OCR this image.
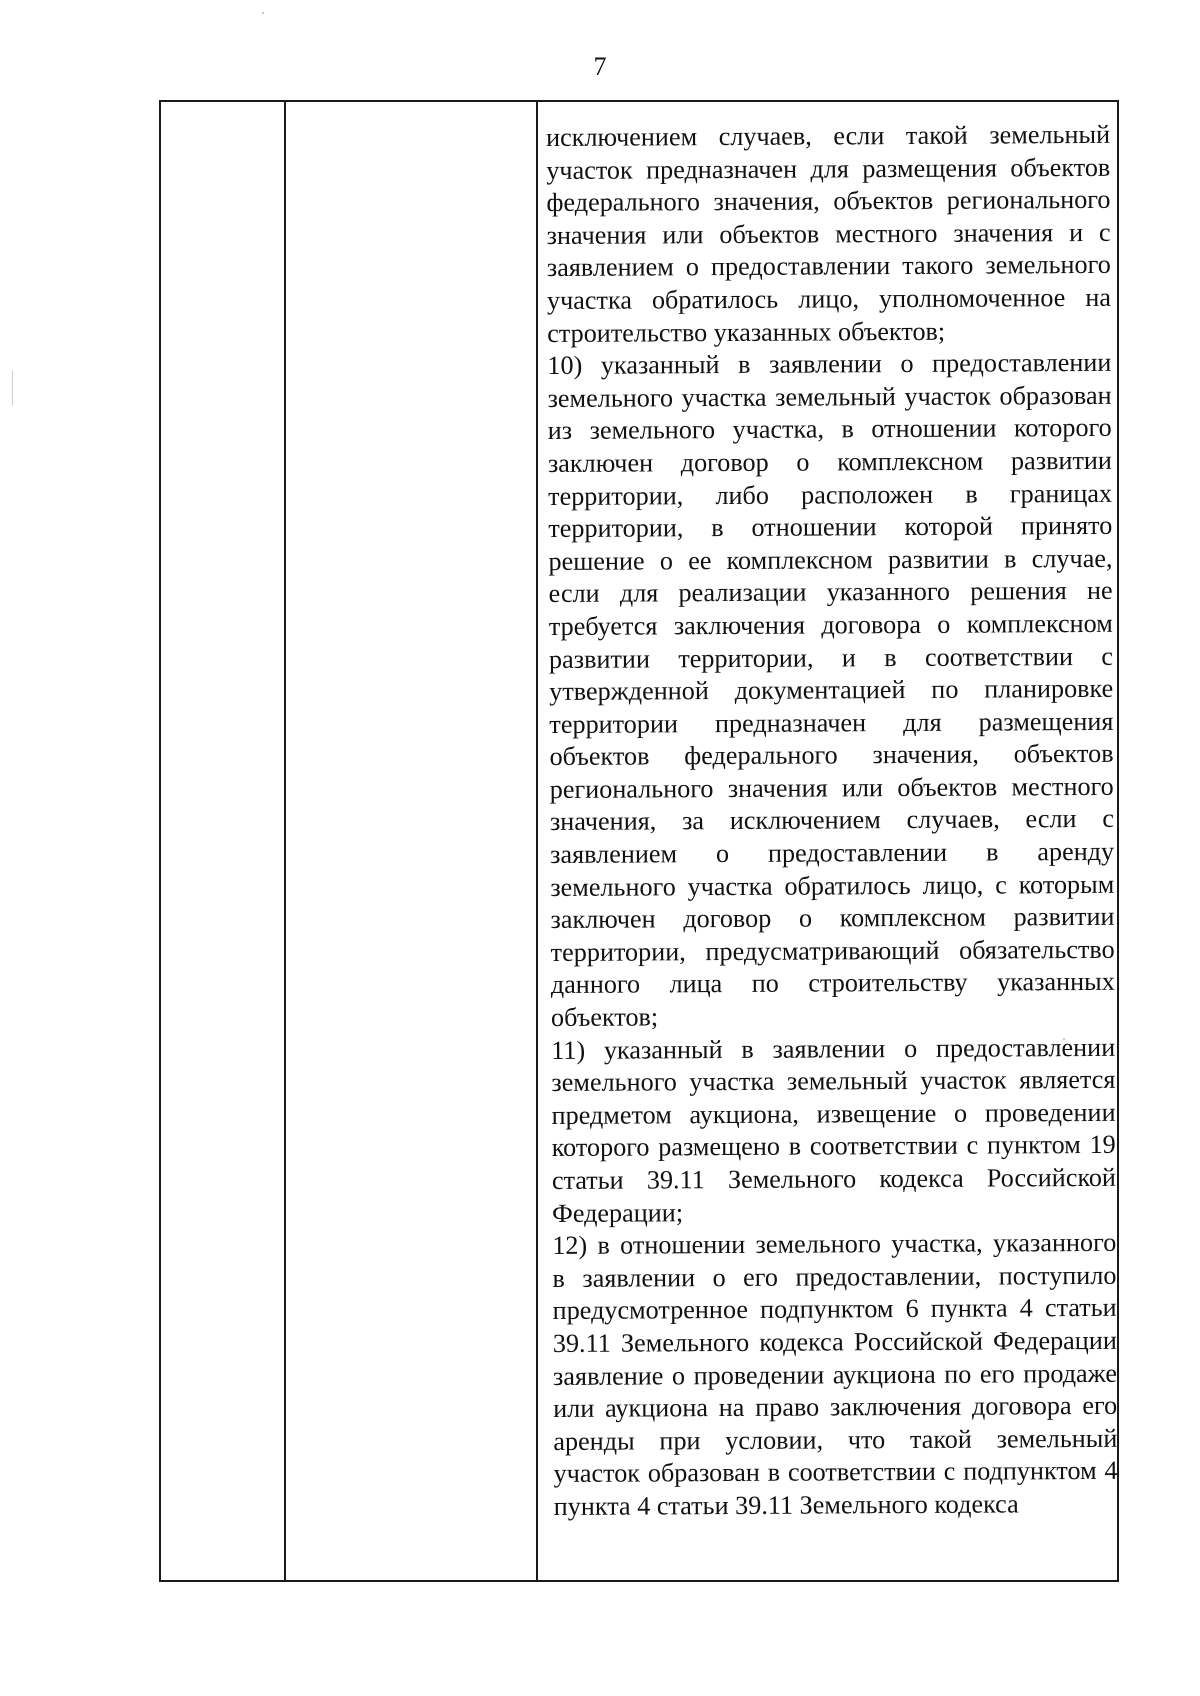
7

исключением случаев, если такой земельный участок предназначен для размещения объектов федерального значения, объектов регионального значения или объектов местного значения и с заявлением о предоставлении такого земельного участка обратилось лицо, уполномоченное на строительство указанных объектов;

10) указанный в заявлении о предоставлении земельного участка земельный участок образован из земельного участка, в отношении которого заключен договор о комплексном развитии территории, либо расположен в границах территории, в отношении которой принято решение о ее комплексном развитии в случае, если для реализации указанного решения не требуется заключения договора о комплексном развитии территории, и в соответствии с утвержденной документацией по планировке территории предназначен для размещения объектов федерального значения, объектов регионального значения или объектов местного значения, за исключением случаев, если с заявлением о предоставлении в аренду земельного участка обратилось лицо, с которым заключен договор о комплексном развитии территории, предусматривающий обязательство данного лица по строительству указанных объектов;

11) указанный в заявлении о предоставлении земельного участка земельный участок является предметом аукциона, извещение о проведении которого размещено в соответствии с пунктом 19 статьи 39.11 Земельного кодекса Российской Федерации;

12) в отношении земельного участка, указанного в заявлении о его предоставлении, поступило предусмотренное подпунктом 6 пункта 4 статьи 39.11 Земельного кодекса Российской Федерации заявление о проведении аукциона по его продаже или аукциона на право заключения договора его аренды при условии, что такой земельный участок образован в соответствии с подпунктом 4 пункта 4 статьи 39.11 Земельного кодекса
